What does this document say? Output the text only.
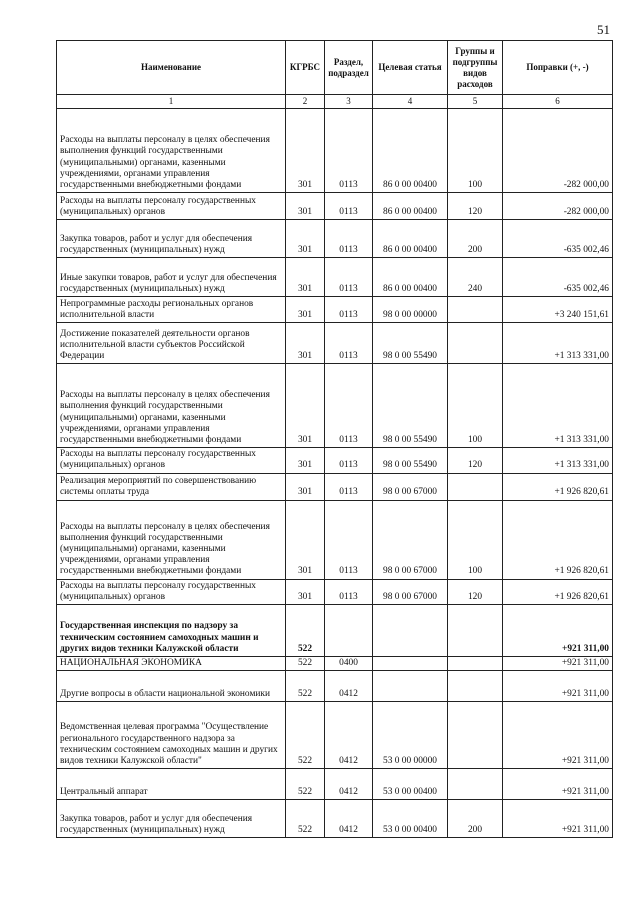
51
Наименование	КГРБС	Раздел, подраздел	Целевая статья	Группы и подгруппы видов расходов	Поправки (+, -)
1	2	3	4	5	6
Расходы на выплаты персоналу в целях обеспечения выполнения функций государственными (муниципальными) органами, казенными учреждениями, органами управления государственными внебюджетными фондами	301	0113	86 0 00 00400	100	-282 000,00
Расходы на выплаты персоналу государственных (муниципальных) органов	301	0113	86 0 00 00400	120	-282 000,00
Закупка товаров, работ и услуг для обеспечения государственных (муниципальных) нужд	301	0113	86 0 00 00400	200	-635 002,46
Иные закупки товаров, работ и услуг для обеспечения государственных (муниципальных) нужд	301	0113	86 0 00 00400	240	-635 002,46
Непрограммные расходы региональных органов исполнительной власти	301	0113	98 0 00 00000		+3 240 151,61
Достижение показателей деятельности органов исполнительной власти субъектов Российской Федерации	301	0113	98 0 00 55490		+1 313 331,00
Расходы на выплаты персоналу в целях обеспечения выполнения функций государственными (муниципальными) органами, казенными учреждениями, органами управления государственными внебюджетными фондами	301	0113	98 0 00 55490	100	+1 313 331,00
Расходы на выплаты персоналу государственных (муниципальных) органов	301	0113	98 0 00 55490	120	+1 313 331,00
Реализация мероприятий по совершенствованию системы оплаты труда	301	0113	98 0 00 67000		+1 926 820,61
Расходы на выплаты персоналу в целях обеспечения выполнения функций государственными (муниципальными) органами, казенными учреждениями, органами управления государственными внебюджетными фондами	301	0113	98 0 00 67000	100	+1 926 820,61
Расходы на выплаты персоналу государственных (муниципальных) органов	301	0113	98 0 00 67000	120	+1 926 820,61
Государственная инспекция по надзору за техническим состоянием самоходных машин и других видов техники Калужской области	522				+921 311,00
НАЦИОНАЛЬНАЯ ЭКОНОМИКА	522	0400			+921 311,00
Другие вопросы в области национальной экономики	522	0412			+921 311,00
Ведомственная целевая программа "Осуществление регионального государственного надзора за техническим состоянием самоходных машин и других видов техники Калужской области"	522	0412	53 0 00 00000		+921 311,00
Центральный аппарат	522	0412	53 0 00 00400		+921 311,00
Закупка товаров, работ и услуг для обеспечения государственных (муниципальных) нужд	522	0412	53 0 00 00400	200	+921 311,00
